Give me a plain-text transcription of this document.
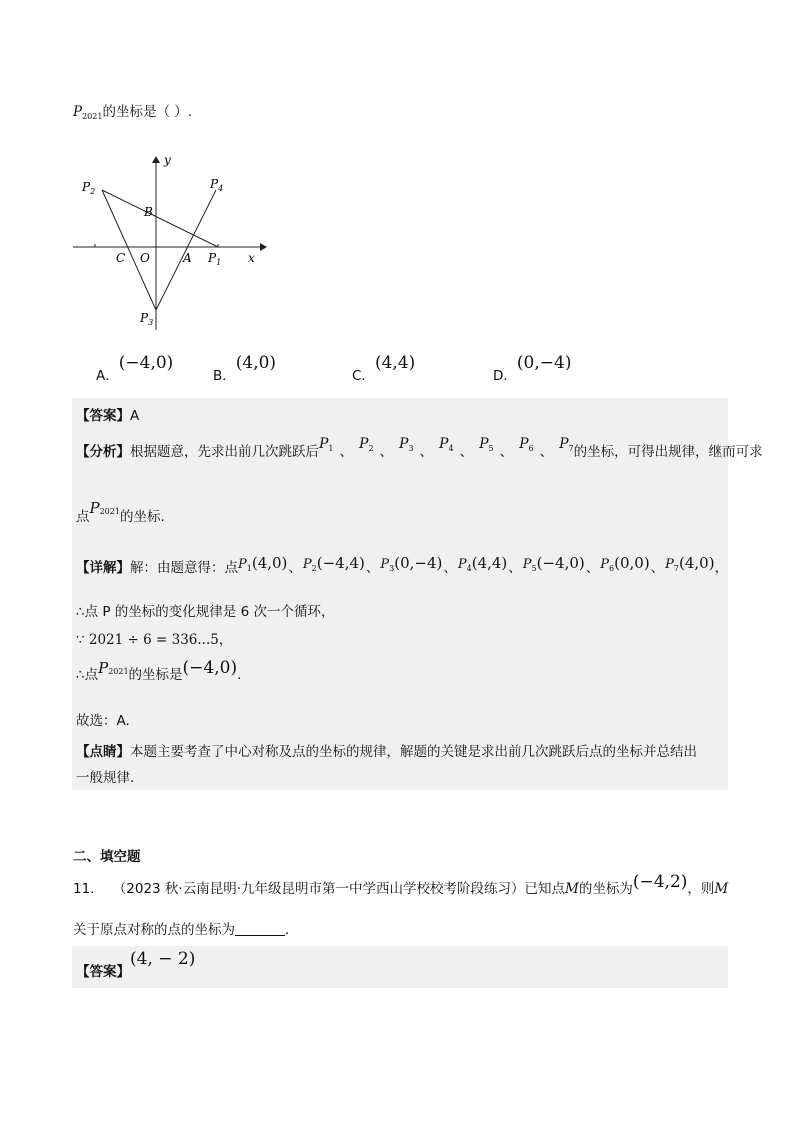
$P_{2021}$的坐标是（ ）.
y
$P_2$
$P_4$
B
C O	A $P_1$ x
$P_3$
A．(−4,0)
B．(4,0)
C．(4,4)
D．(0,−4)
【答案】A
【分析】根据题意，先求出前几次跳跃后$P_1$ 、 $P_2$ 、 $P_3$ 、 $P_4$ 、 $P_5$ 、 $P_6$ 、 $P_7$的坐标，可得出规律，继而可求
点$P_{2021}$的坐标.
【详解】解：由题意得：点$P_1(4,0)$、$P_2(-4,4)$、$P_3(0,-4)$、$P_4(4,4)$、$P_5(-4,0)$、$P_6(0,0)$、$P_7(4,0)$，
∴点 P 的坐标的变化规律是 6 次一个循环，
∵ 2021 ÷ 6 = 336...5，
∴点$P_{2021}$的坐标是(−4,0).
故选：A.
【点睛】本题主要考查了中心对称及点的坐标的规律，解题的关键是求出前几次跳跃后点的坐标并总结出
一般规律.
二、填空题
11. （2023 秋·云南昆明·九年级昆明市第一中学西山学校校考阶段练习）已知点M的坐标为(−4,2)，则M
关于原点对称的点的坐标为	.
【答案】(4, − 2)
